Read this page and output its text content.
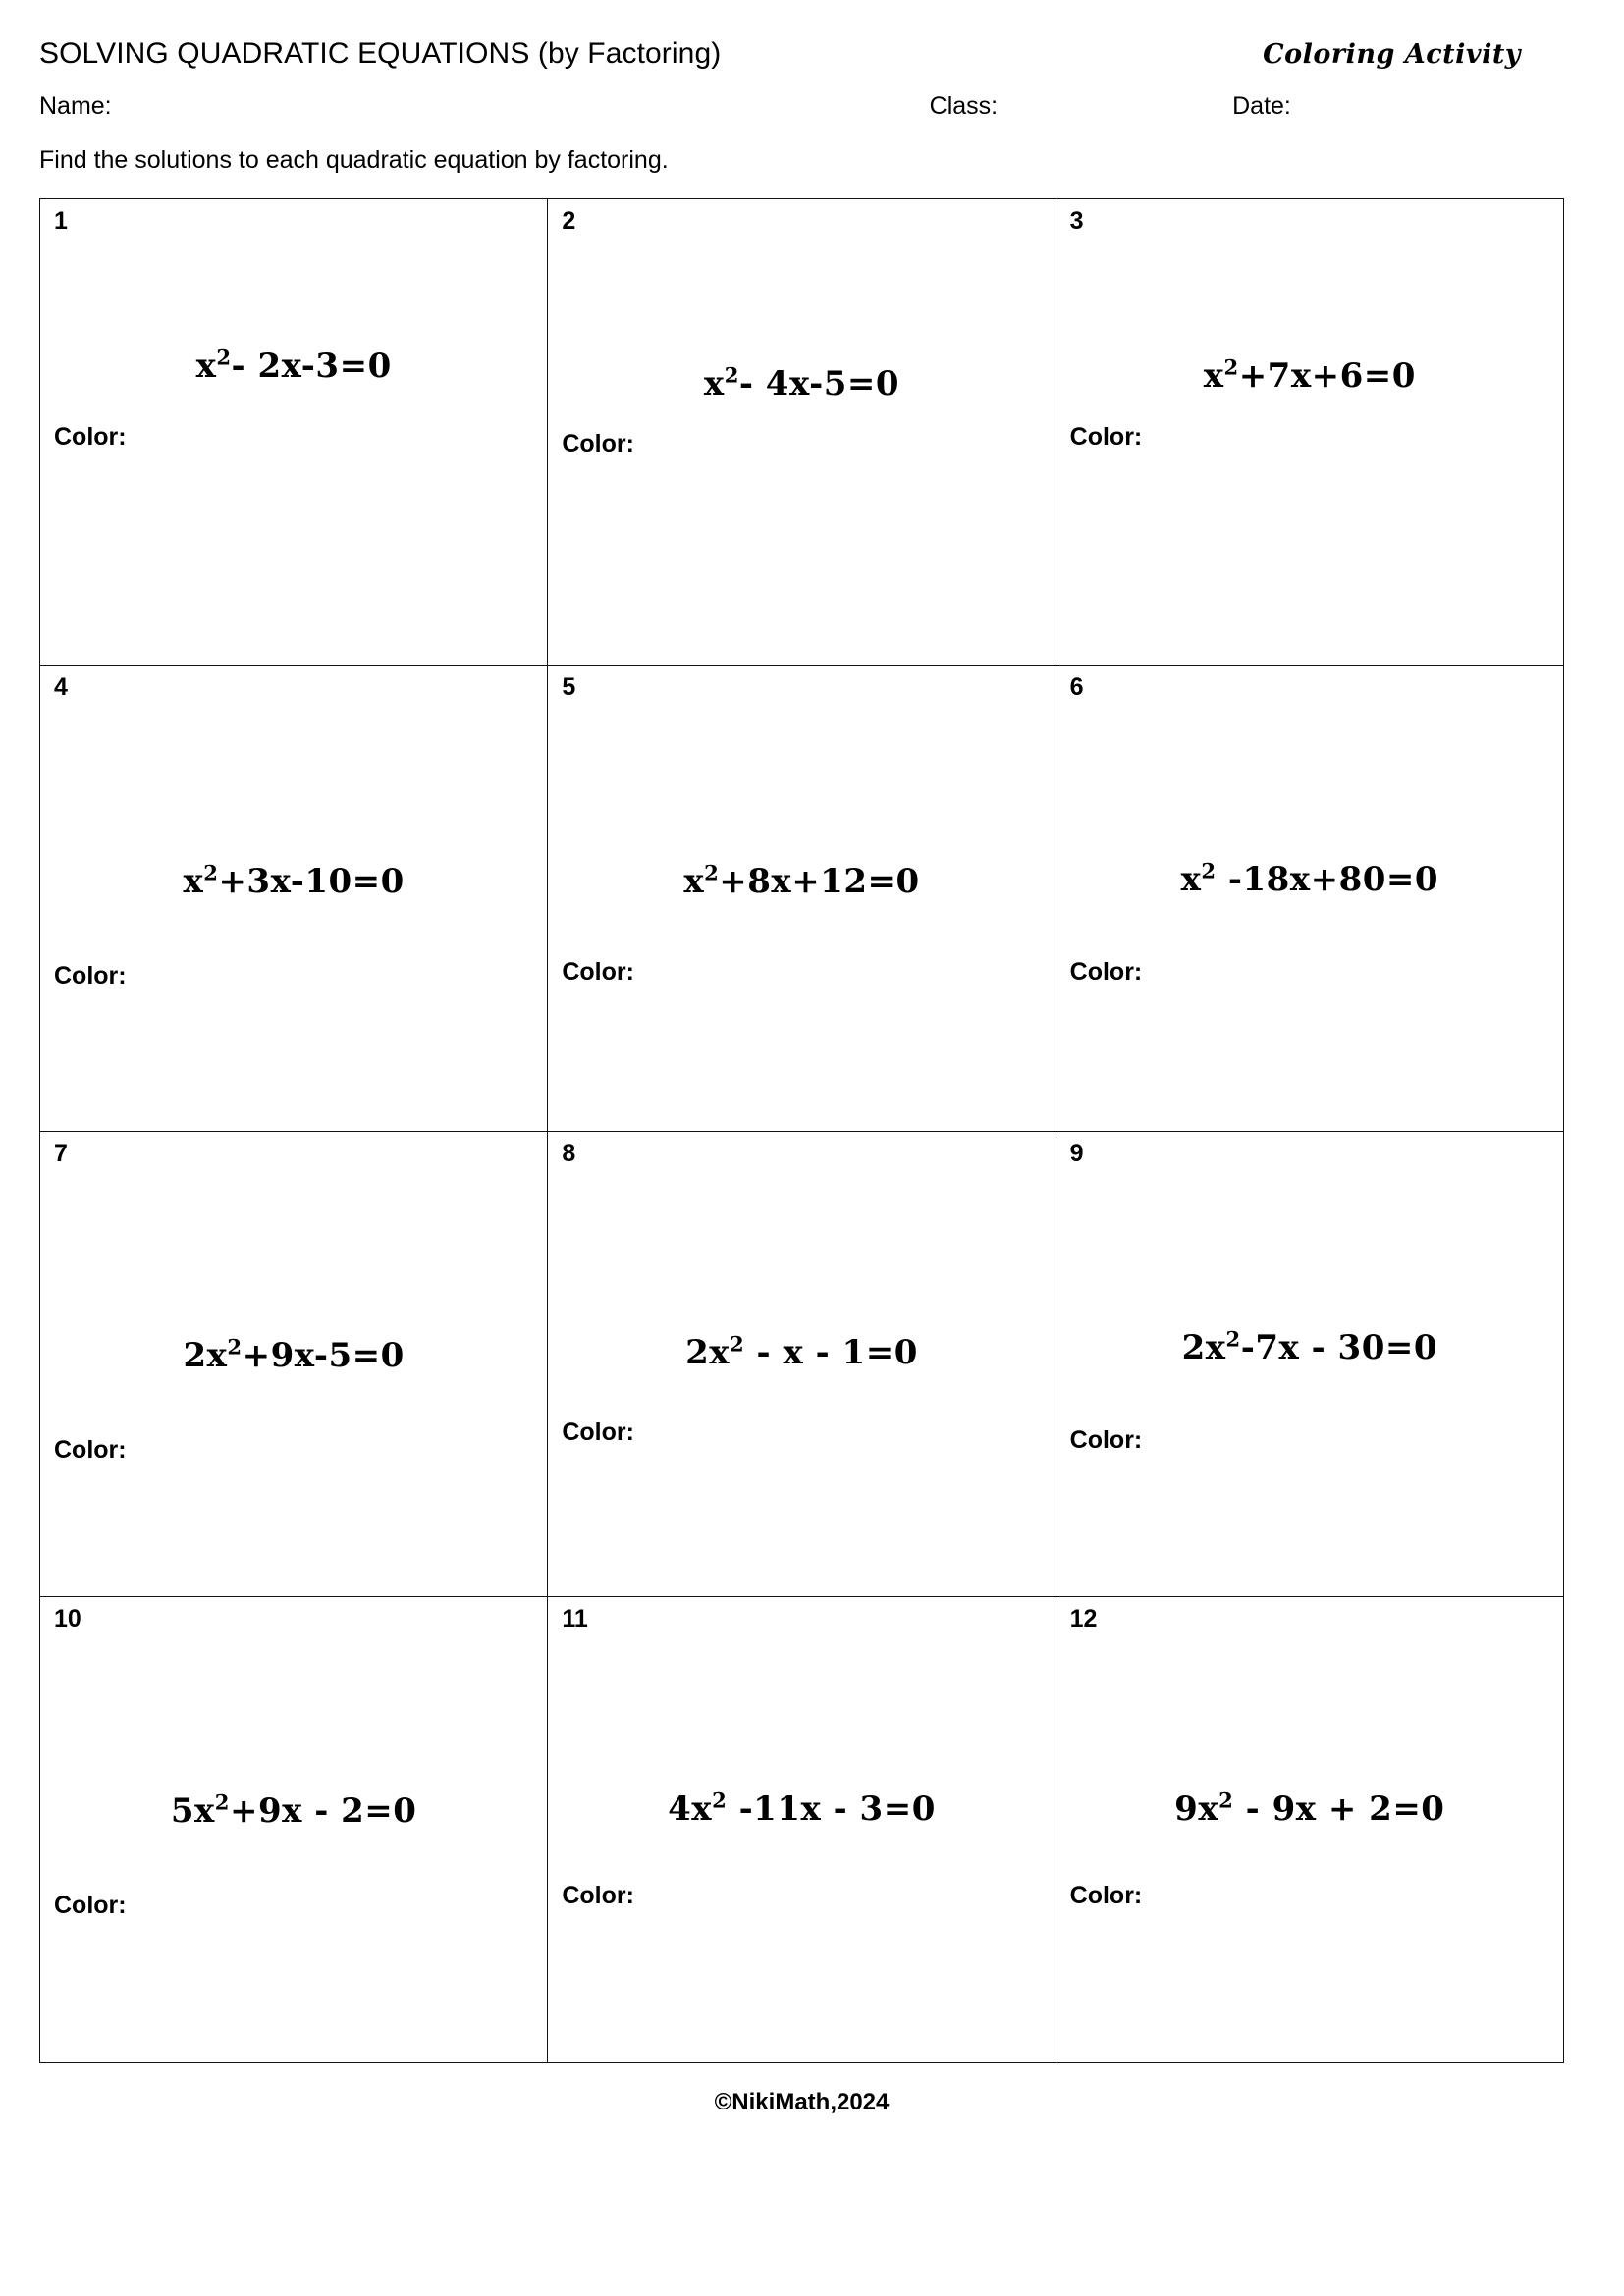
SOLVING QUADRATIC EQUATIONS (by Factoring)	Coloring Activity
Name:	Class:	Date:
Find the solutions to each quadratic equation by factoring.
1
$x^2-$ 2x-3=0
Color:
2
$x^2-$ 4x-5=0
Color:
3
$x^2+7x+6=0$
Color:
4
$x^2+3x-10=0$
Color:
5
$x^2+8x+12=0$
Color:
6
$x^2$ -18x+80=0
Color:
7
$2x^2+9x-5=0$
Color:
8
$2x^2 - x - 1=0$
Color:
9
$2x^2-7x - 30=0$
Color:
10
$5x^2+9x - 2=0$
Color:
11
$4x^2$ -11x - 3=0
Color:
12
$9x^2 - 9x + 2=0$
Color:
©NikiMath,2024
